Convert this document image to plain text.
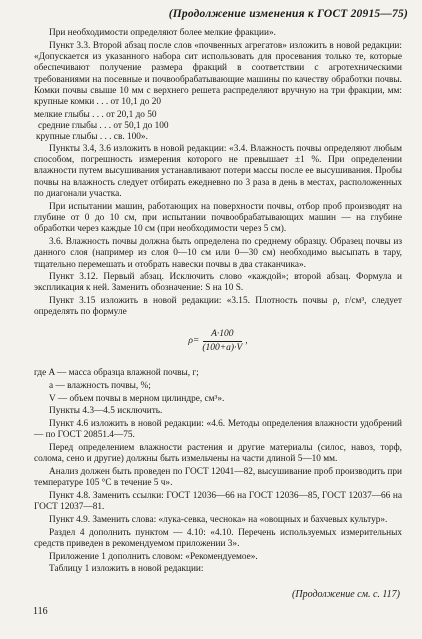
(Продолжение изменения к ГОСТ 20915—75)

При необходимости определяют более мелкие фракции».

Пункт 3.3. Второй абзац после слов «почвенных агрегатов» изложить в новой редакции: «Допускается из указанного набора сит использовать для просевания только те, которые обеспечивают получение размера фракций в соответствии с агротехническими требованиями на посевные и почвообрабатывающие машины по качеству обработки почвы. Комки почвы свыше 10 мм с верхнего решета распределяют вручную на три фракции, мм: крупные комки . . . от 10,1 до 20

мелкие глыбы . . . от 20,1 до 50

средние глыбы . . . от 50,1 до 100

крупные глыбы . . . св. 100».

Пункты 3.4, 3.6 изложить в новой редакции: «3.4. Влажность почвы определяют любым способом, погрешность измерения которого не превышает ±1 %. При определении влажности путем высушивания устанавливают потери массы после ее высушивания. Пробы почвы на влажность следует отбирать ежедневно по 3 раза в день в местах, расположенных по диагонали участка.

При испытании машин, работающих на поверхности почвы, отбор проб производят на глубине от 0 до 10 см, при испытании почвообрабатывающих машин — на глубине обработки через каждые 10 см (при необходимости через 5 см).

3.6. Влажность почвы должна быть определена по среднему образцу. Образец почвы из данного слоя (например из слоя 0—10 см или 0—30 см) необходимо высыпать в тару, тщательно перемешать и отобрать навески почвы в два стаканчика».

Пункт 3.12. Первый абзац. Исключить слово «каждой»; второй абзац. Формула и экспликация к ней. Заменить обозначение: S на 10 S.

Пункт 3.15 изложить в новой редакции: «3.15. Плотность почвы ρ, г/см³, следует определять по формуле

$\rho= \frac{A\cdot 100}{(100+a)\cdot V}$ ,

где A — масса образца влажной почвы, г;

a — влажность почвы, %;

V — объем почвы в мерном цилиндре, см³».

Пункты 4.3—4.5 исключить.

Пункт 4.6 изложить в новой редакции: «4.6. Методы определения влажности удобрений — по ГОСТ 20851.4—75.

Перед определением влажности растения и другие материалы (силос, навоз, торф, солома, сено и другие) должны быть измельчены на части длиной 5—10 мм.

Анализ должен быть проведен по ГОСТ 12041—82, высушивание проб производить при температуре 105 °C в течение 5 ч».

Пункт 4.8. Заменить ссылки: ГОСТ 12036—66 на ГОСТ 12036—85, ГОСТ 12037—66 на ГОСТ 12037—81.

Пункт 4.9. Заменить слова: «лука-севка, чеснока» на «овощных и бахчевых культур».

Раздел 4 дополнить пунктом — 4.10: «4.10. Перечень используемых измерительных средств приведен в рекомендуемом приложении 3».

Приложение 1 дополнить словом: «Рекомендуемое».

Таблицу 1 изложить в новой редакции:

(Продолжение см. с. 117)
116
